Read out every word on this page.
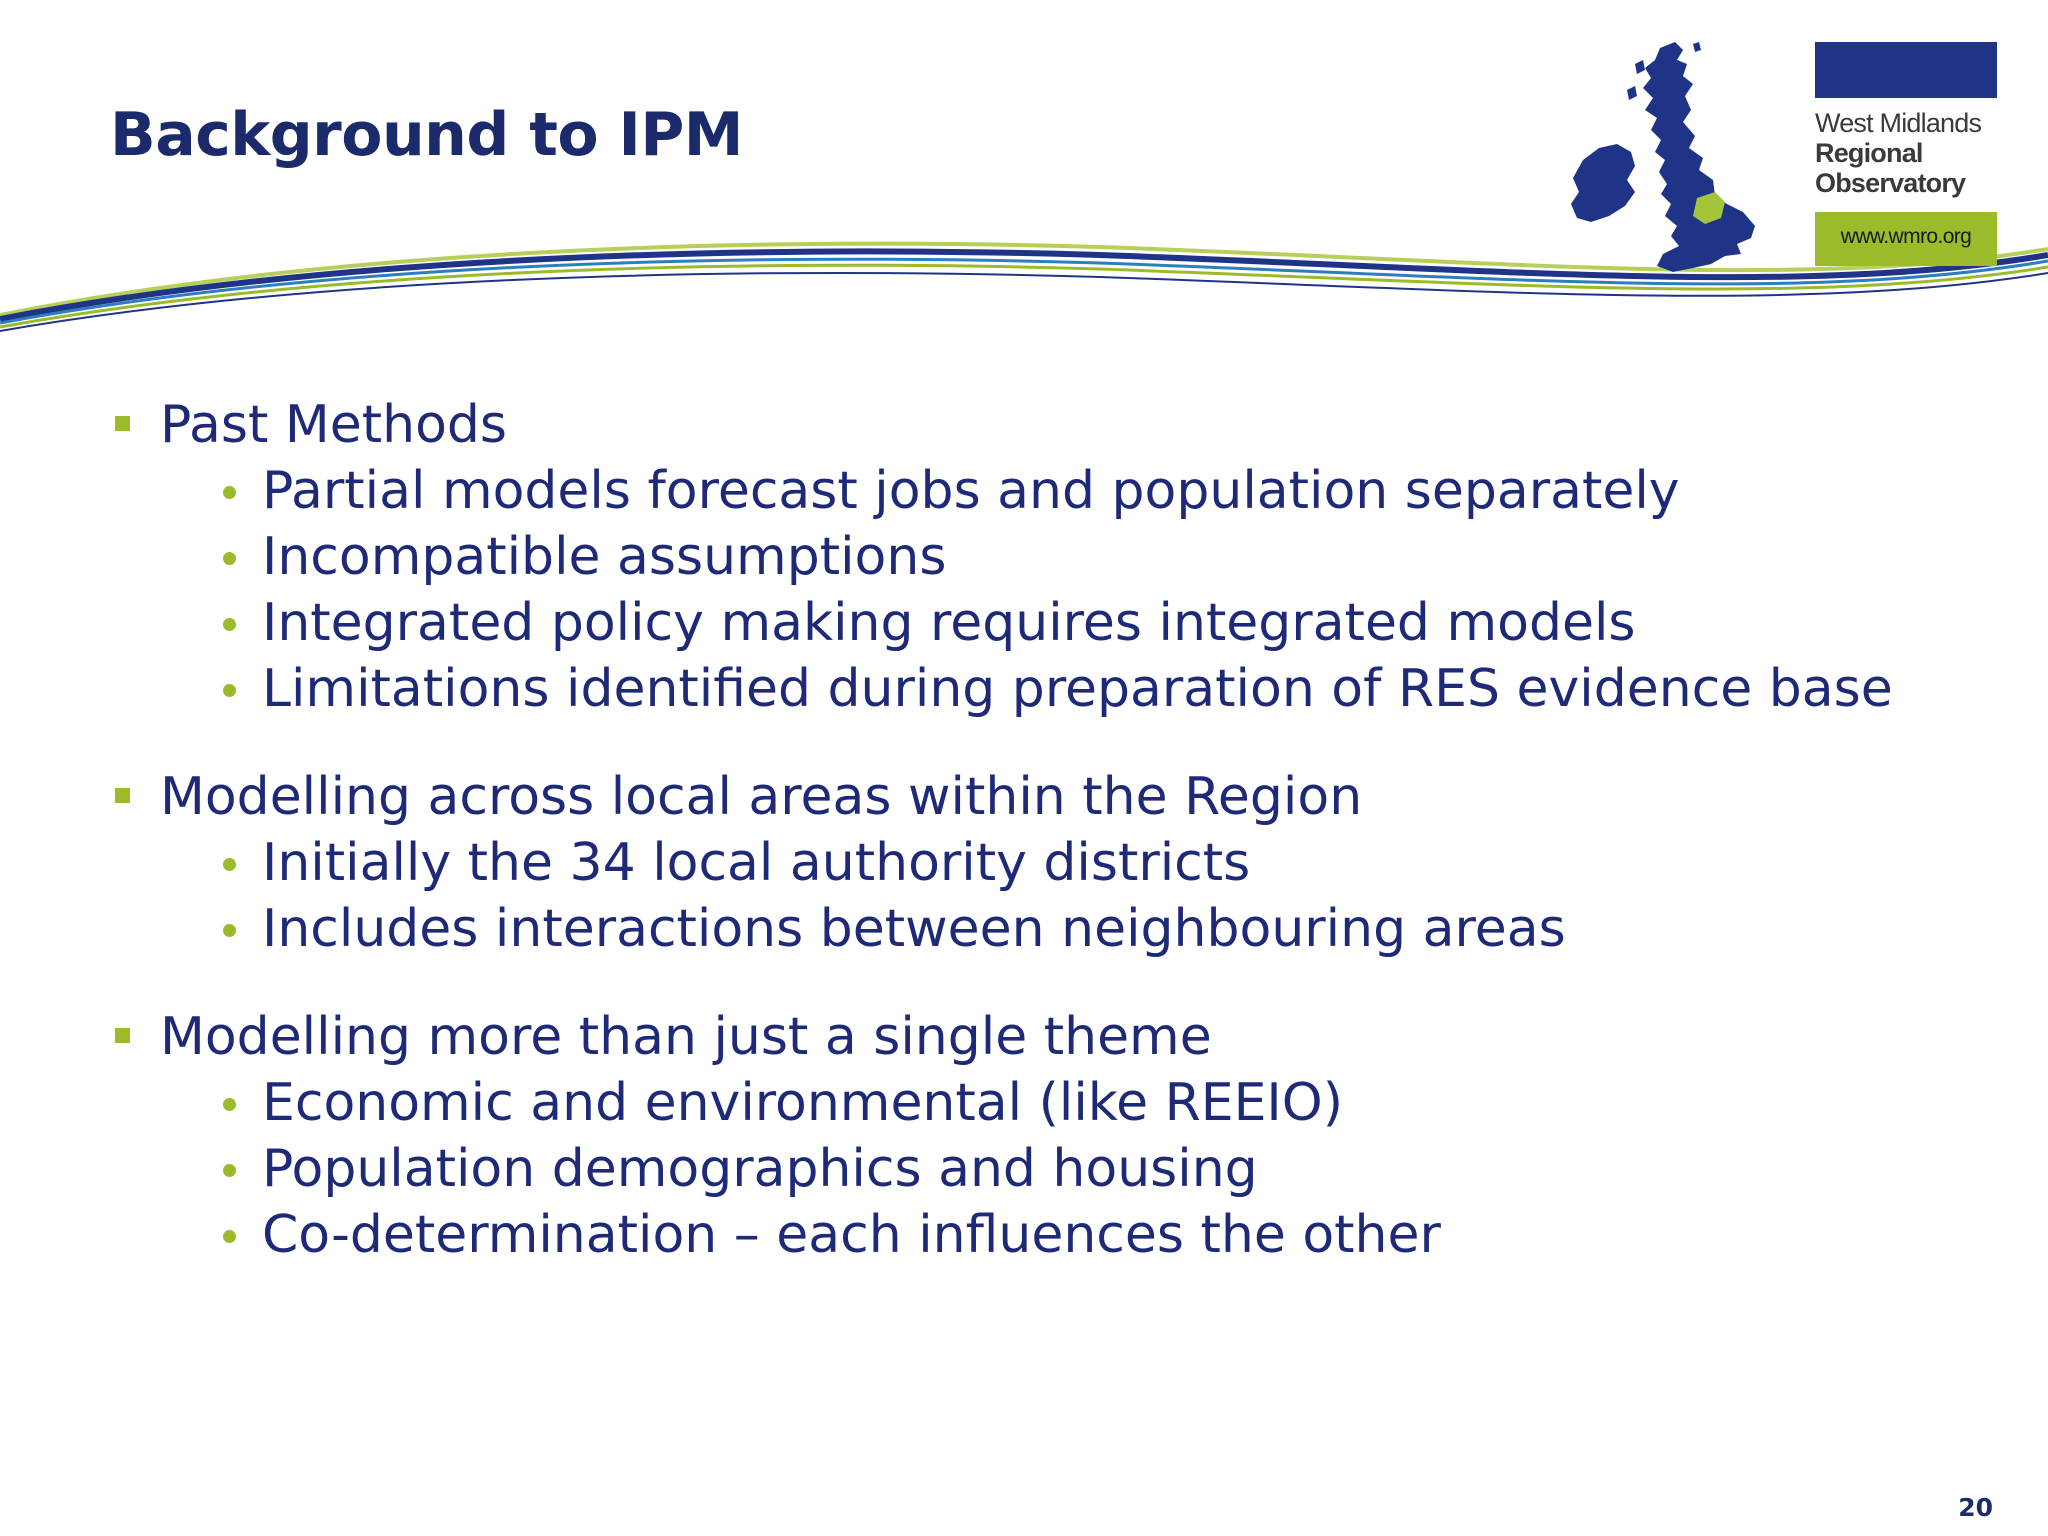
Background to IPM	West Midlands
Regional
Observatory
www.wmro.org
Past Methods
Partial models forecast jobs and population separately
Incompatible assumptions
Integrated policy making requires integrated models
Limitations identified during preparation of RES evidence base
Modelling across local areas within the Region
Initially the 34 local authority districts
Includes interactions between neighbouring areas
Modelling more than just a single theme
Economic and environmental (like REEIO)
Population demographics and housing
Co-determination – each influences the other
20
